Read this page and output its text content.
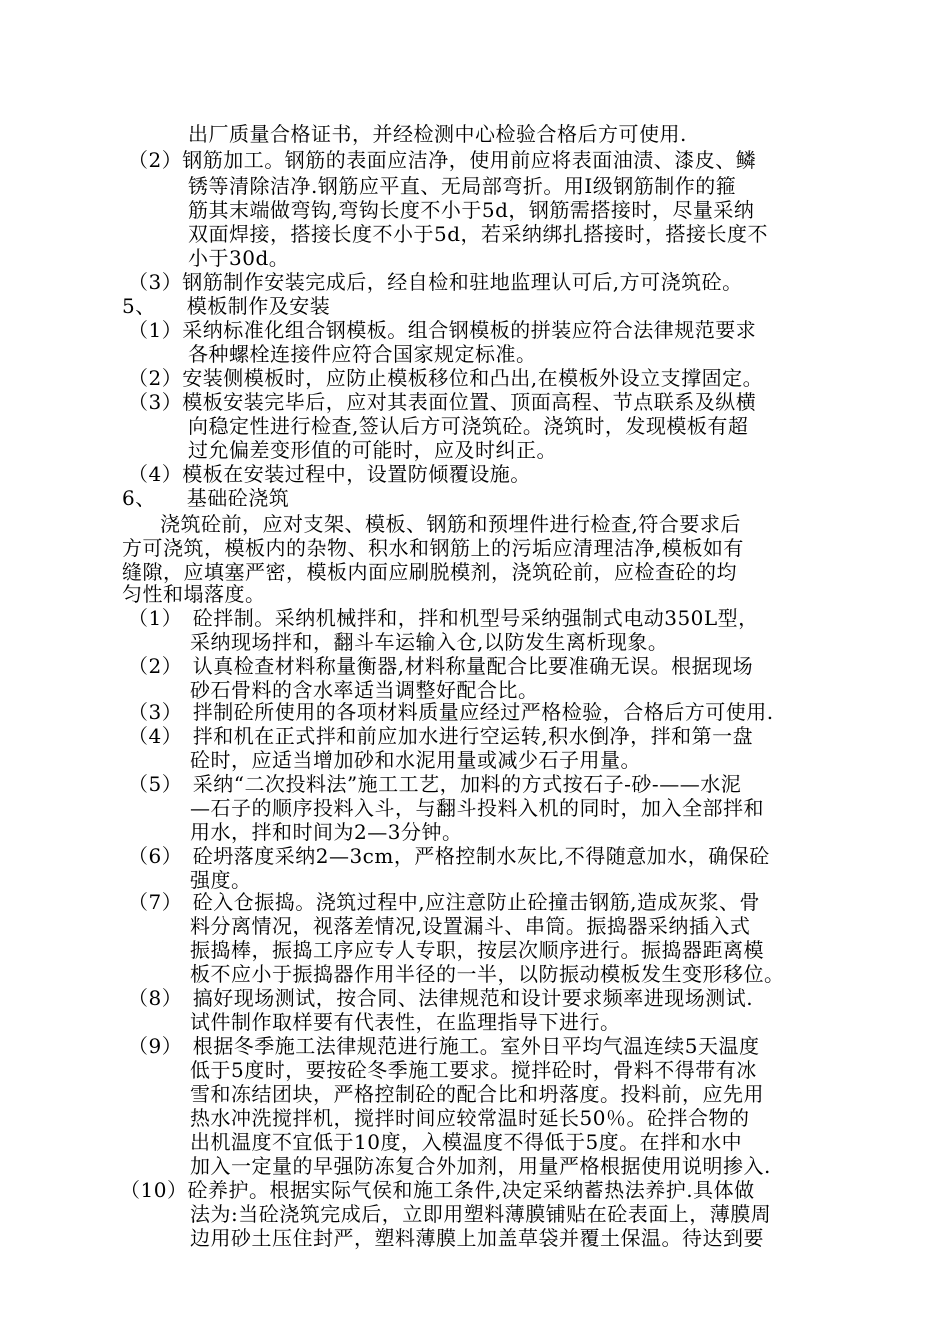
出厂质量合格证书，并经检测中心检验合格后方可使用.
（2）钢筋加工。钢筋的表面应洁净，使用前应将表面油渍、漆皮、鳞
锈等清除洁净.钢筋应平直、无局部弯折。用Ⅰ级钢筋制作的箍
筋其末端做弯钩,弯钩长度不小于5d，钢筋需搭接时，尽量采纳
双面焊接，搭接长度不小于5d，若采纳绑扎搭接时，搭接长度不
小于30d。
（3）钢筋制作安装完成后，经自检和驻地监理认可后,方可浇筑砼。
5、　　模板制作及安装
（1）采纳标准化组合钢模板。组合钢模板的拼装应符合法律规范要求
各种螺栓连接件应符合国家规定标准。
（2）安装侧模板时，应防止模板移位和凸出,在模板外设立支撑固定。
（3）模板安装完毕后，应对其表面位置、顶面高程、节点联系及纵横
向稳定性进行检查,签认后方可浇筑砼。浇筑时，发现模板有超
过允偏差变形值的可能时，应及时纠正。
（4）模板在安装过程中，设置防倾覆设施。
6、　　基础砼浇筑
浇筑砼前，应对支架、模板、钢筋和预埋件进行检查,符合要求后
方可浇筑，模板内的杂物、积水和钢筋上的污垢应清理洁净,模板如有
缝隙，应填塞严密，模板内面应刷脱模剂，浇筑砼前，应检查砼的均
匀性和塌落度。
（1）　砼拌制。采纳机械拌和，拌和机型号采纳强制式电动350L型，
采纳现场拌和，翻斗车运输入仓,以防发生离析现象。
（2）　认真检查材料称量衡器,材料称量配合比要准确无误。根据现场
砂石骨料的含水率适当调整好配合比。
（3）　拌制砼所使用的各项材料质量应经过严格检验，合格后方可使用.
（4）　拌和机在正式拌和前应加水进行空运转,积水倒净，拌和第一盘
砼时，应适当增加砂和水泥用量或减少石子用量。
（5）　采纳“二次投料法”施工工艺，加料的方式按石子-砂-——水泥
—石子的顺序投料入斗，与翻斗投料入机的同时，加入全部拌和
用水，拌和时间为2—3分钟。
（6）　砼坍落度采纳2—3cm，严格控制水灰比,不得随意加水，确保砼
强度。
（7）　砼入仓振捣。浇筑过程中,应注意防止砼撞击钢筋,造成灰浆、骨
料分离情况，视落差情况,设置漏斗、串筒。振捣器采纳插入式
振捣棒，振捣工序应专人专职，按层次顺序进行。振捣器距离模
板不应小于振捣器作用半径的一半，以防振动模板发生变形移位。
（8）　搞好现场测试，按合同、法律规范和设计要求频率进现场测试.
试件制作取样要有代表性，在监理指导下进行。
（9）　根据冬季施工法律规范进行施工。室外日平均气温连续5天温度
低于5度时，要按砼冬季施工要求。搅拌砼时，骨料不得带有冰
雪和冻结团块，严格控制砼的配合比和坍落度。投料前，应先用
热水冲洗搅拌机，搅拌时间应较常温时延长50％。砼拌合物的
出机温度不宜低于10度，入模温度不得低于5度。在拌和水中
加入一定量的早强防冻复合外加剂，用量严格根据使用说明掺入.
（10）砼养护。根据实际气侯和施工条件,决定采纳蓄热法养护.具体做
法为:当砼浇筑完成后，立即用塑料薄膜铺贴在砼表面上，薄膜周
边用砂土压住封严，塑料薄膜上加盖草袋并覆土保温。待达到要
